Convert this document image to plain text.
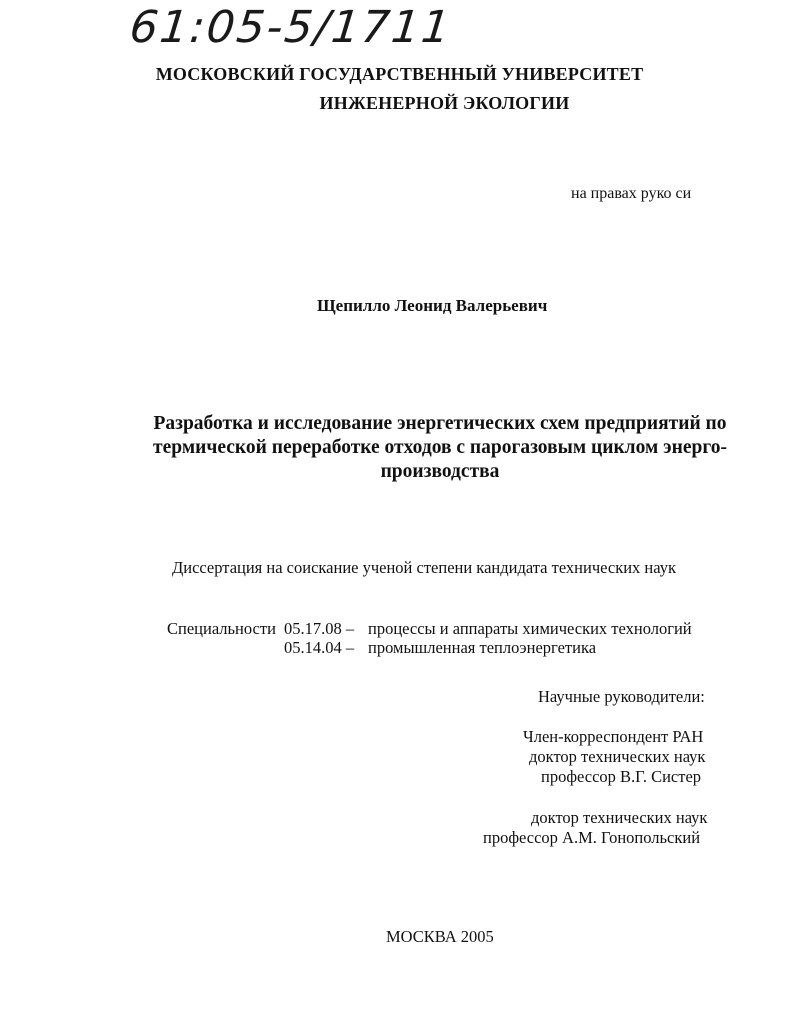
61:05-5/1711
МОСКОВСКИЙ ГОСУДАРСТВЕННЫЙ УНИВЕРСИТЕТ
ИНЖЕНЕРНОЙ ЭКОЛОГИИ
на правах руко си
Щепилло Леонид Валерьевич
Разработка и исследование энергетических схем предприятий по
термической переработке отходов с парогазовым циклом энерго-
производства
Диссертация на соискание ученой степени кандидата технических наук
Специальности 05.17.08 – процессы и аппараты химических технологий
05.14.04 – промышленная теплоэнергетика
Научные руководители:
Член-корреспондент РАН
доктор технических наук
профессор В.Г. Систер
доктор технических наук
профессор А.М. Гонопольский
МОСКВА 2005
